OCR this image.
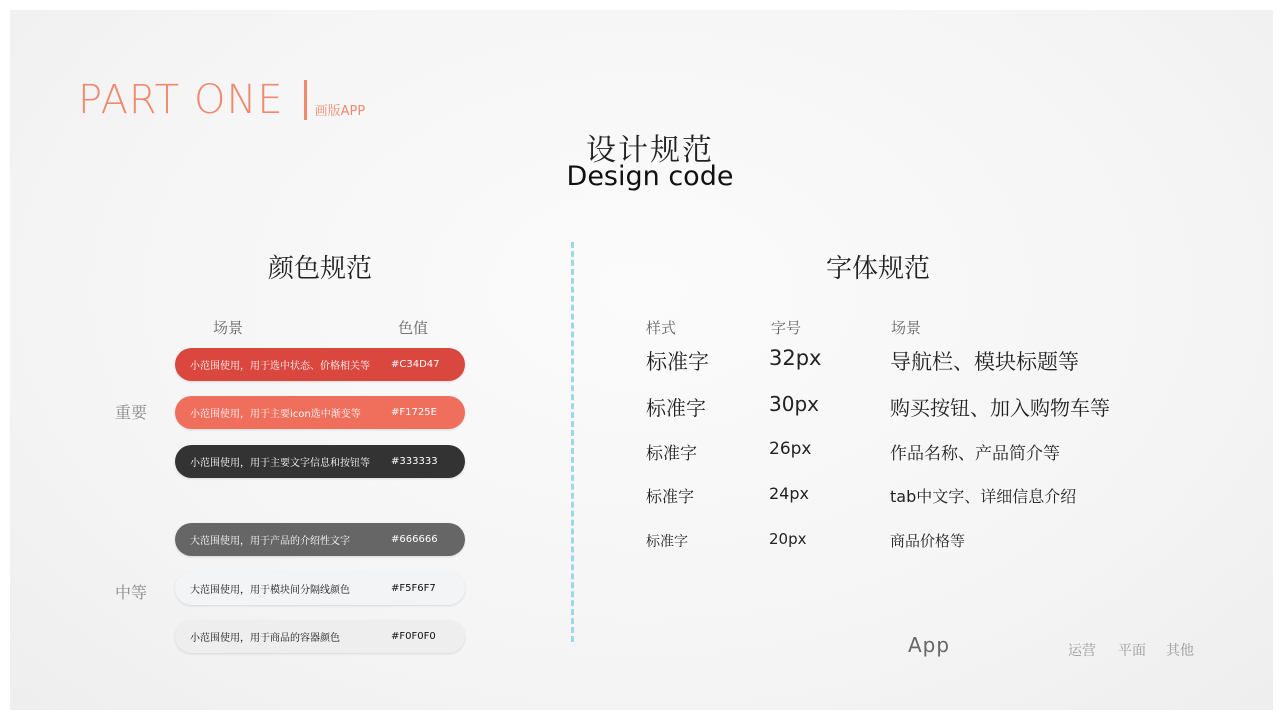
PART ONE 画版APP
设计规范
Design code
颜色规范
场景	色值
重要
中等
小范围使用，用于选中状态、价格相关等 #C34D47
小范围使用，用于主要icon选中渐变等	#F1725E
小范围使用，用于主要文字信息和按钮等 #333333
大范围使用，用于产品的介绍性文字	#666666
大范围使用，用于模块间分隔线颜色	#F5F6F7
小范围使用，用于商品的容器颜色	#F0F0F0
字体规范
样式	字号	场景
标准字	32px	导航栏、模块标题等
标准字	30px	购买按钮、加入购物车等
标准字	26px	作品名称、产品简介等
标准字	24px	tab中文字、详细信息介绍
标准字	20px	商品价格等
App	运营 平面 其他
